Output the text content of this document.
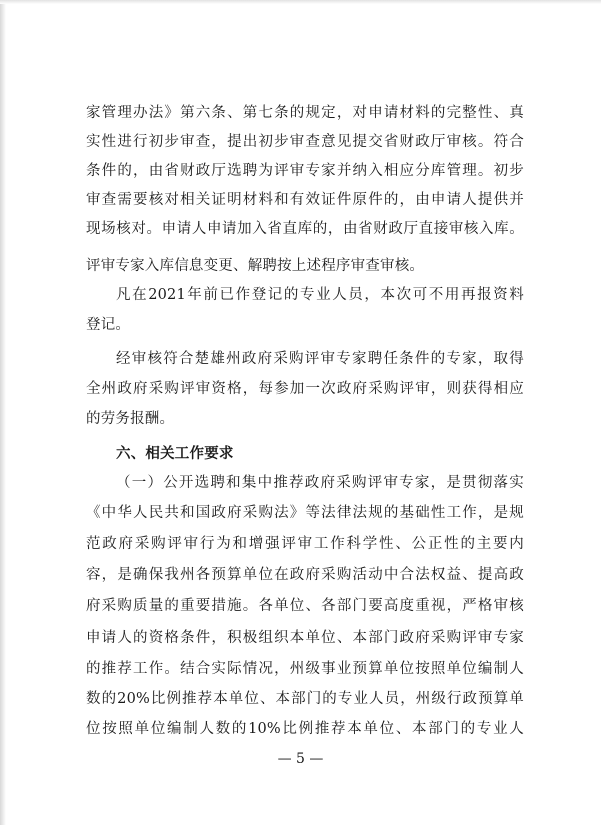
家管理办法》第六条、第七条的规定，对申请材料的完整性、真
实性进行初步审查，提出初步审查意见提交省财政厅审核。符合
条件的，由省财政厅选聘为评审专家并纳入相应分库管理。初步
审查需要核对相关证明材料和有效证件原件的，由申请人提供并
现场核对。申请人申请加入省直库的，由省财政厅直接审核入库。
评审专家入库信息变更、解聘按上述程序审查审核。
凡在2021年前已作登记的专业人员，本次可不用再报资料
登记。
经审核符合楚雄州政府采购评审专家聘任条件的专家，取得
全州政府采购评审资格，每参加一次政府采购评审，则获得相应
的劳务报酬。
六、相关工作要求
（一）公开选聘和集中推荐政府采购评审专家，是贯彻落实
《中华人民共和国政府采购法》等法律法规的基础性工作，是规
范政府采购评审行为和增强评审工作科学性、公正性的主要内
容，是确保我州各预算单位在政府采购活动中合法权益、提高政
府采购质量的重要措施。各单位、各部门要高度重视，严格审核
申请人的资格条件，积极组织本单位、本部门政府采购评审专家
的推荐工作。结合实际情况，州级事业预算单位按照单位编制人
数的20%比例推荐本单位、本部门的专业人员，州级行政预算单
位按照单位编制人数的10%比例推荐本单位、本部门的专业人
— 5 —
